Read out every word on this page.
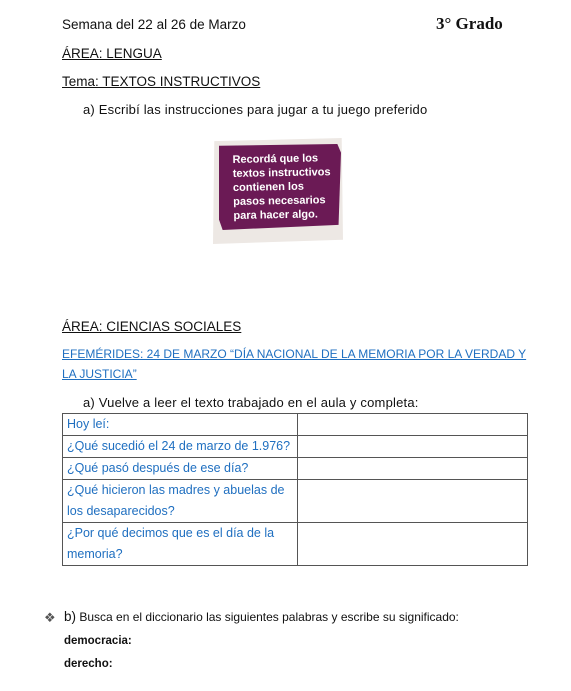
Semana del 22 al 26 de Marzo	3° Grado
ÁREA: LENGUA
Tema: TEXTOS INSTRUCTIVOS
a) Escribí las instrucciones para jugar a tu juego preferido
Recordá que los
textos instructivos
contienen los
pasos necesarios
para hacer algo.
ÁREA: CIENCIAS SOCIALES
EFEMÉRIDES: 24 DE MARZO “DÍA NACIONAL DE LA MEMORIA POR LA VERDAD Y LA JUSTICIA”
a) Vuelve a leer el texto trabajado en el aula y completa:
Hoy leí:	
¿Qué sucedió el 24 de marzo de 1.976?	
¿Qué pasó después de ese día?	
¿Qué hicieron las madres y abuelas de los desaparecidos?	
¿Por qué decimos que es el día de la memoria?	
❖ b) Busca en el diccionario las siguientes palabras y escribe su significado:
democracia:
derecho:
